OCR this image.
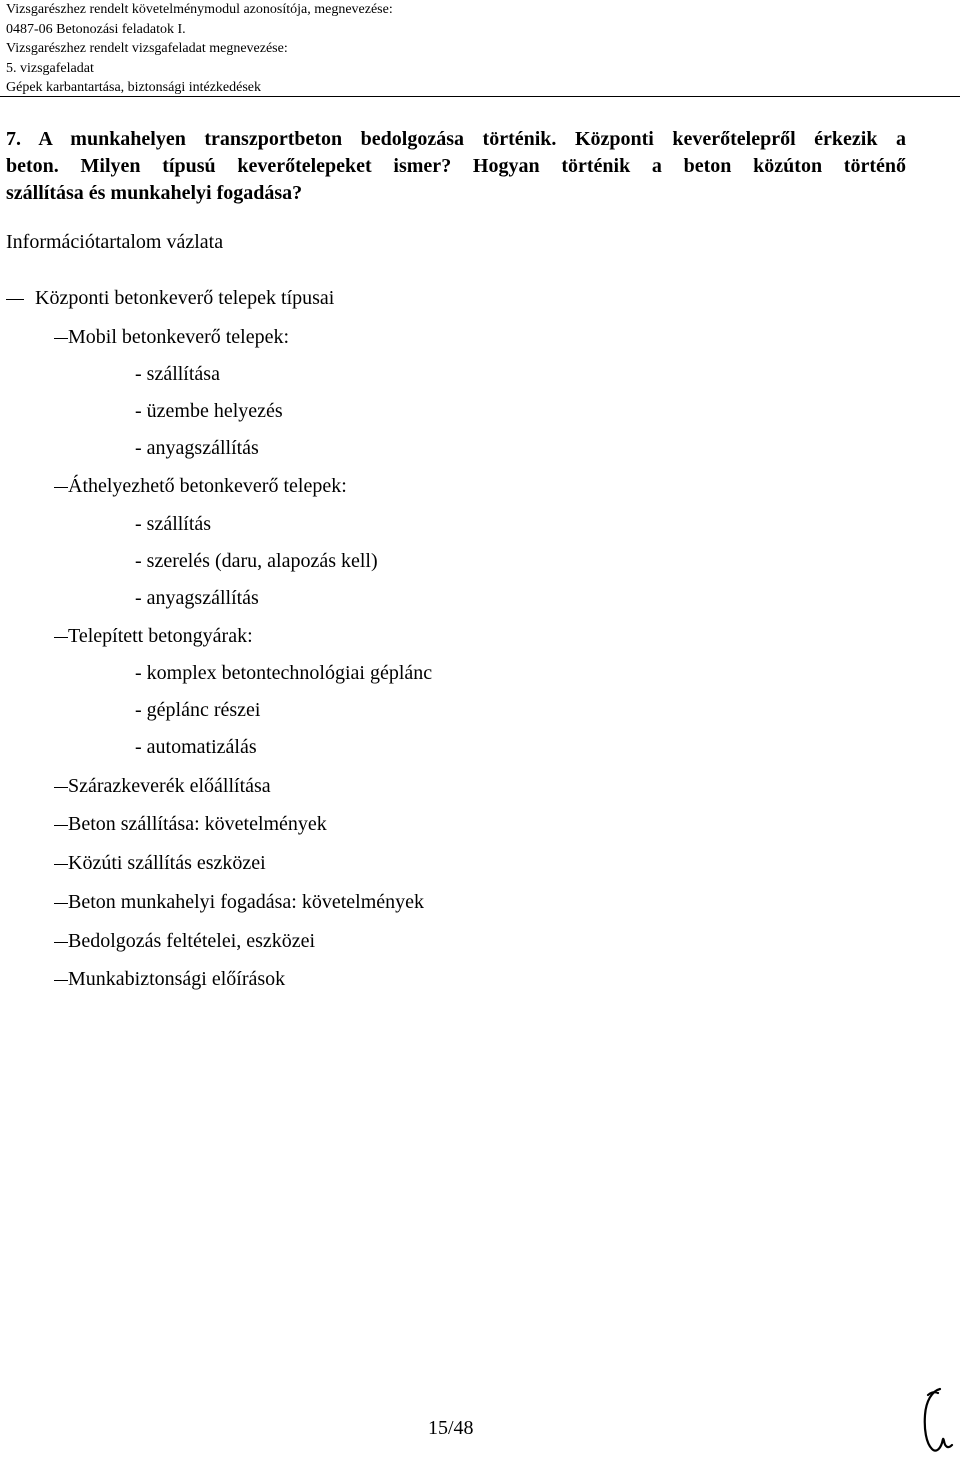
Vizsgarészhez rendelt követelménymodul azonosítója, megnevezése:
0487-06 Betonozási feladatok I.
Vizsgarészhez rendelt vizsgafeladat megnevezése:
5. vizsgafeladat
Gépek karbantartása, biztonsági intézkedések
7. A munkahelyen transzportbeton bedolgozása történik. Központi keverőtelepről érkezik a
beton. Milyen típusú keverőtelepeket ismer? Hogyan történik a beton közúton történő
szállítása és munkahelyi fogadása?
Információtartalom vázlata
Központi betonkeverő telepek típusai
Mobil betonkeverő telepek:
- szállítása
- üzembe helyezés
- anyagszállítás
Áthelyezhető betonkeverő telepek:
- szállítás
- szerelés (daru, alapozás kell)
- anyagszállítás
Telepített betongyárak:
- komplex betontechnológiai géplánc
- géplánc részei
- automatizálás
Szárazkeverék előállítása
Beton szállítása: követelmények
Közúti szállítás eszközei
Beton munkahelyi fogadása: követelmények
Bedolgozás feltételei, eszközei
Munkabiztonsági előírások
15/48
